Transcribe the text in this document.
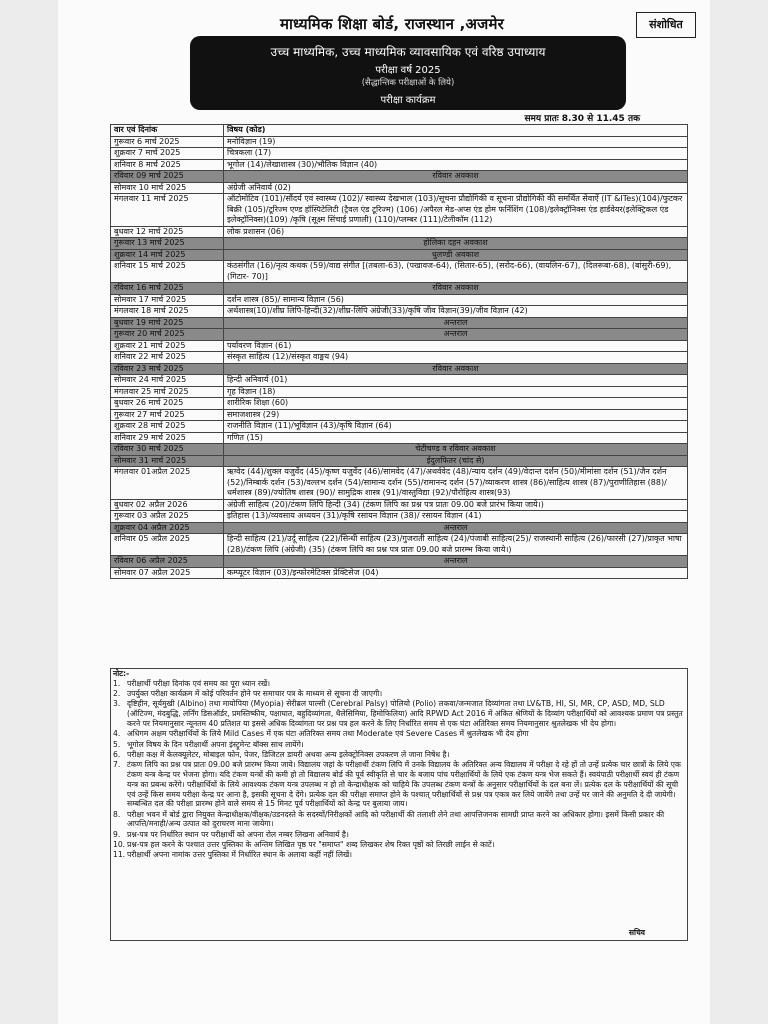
माध्यमिक शिक्षा बोर्ड, राजस्थान ,अजमेर	संशोधित
उच्च माध्यमिक, उच्च माध्यमिक व्यावसायिक एवं वरिष्ठ उपाध्याय
परीक्षा वर्ष 2025
(सैद्धान्तिक परीक्षाओं के लिये)
परीक्षा कार्यक्रम
समय प्रातः 8.30 से 11.45 तक
वार एवं दिनांक	विषय (कोड)
गुरूवार 6 मार्च 2025	मनोविज्ञान (19)
शुक्रवार 7 मार्च 2025	चित्रकला (17)
शनिवार 8 मार्च 2025	भूगोल (14)/लेखाशास्त्र (30)/भौतिक विज्ञान (40)
रविवार 09 मार्च 2025	रविवार अवकाश
सोमवार 10 मार्च 2025	अंग्रेजी अनिवार्य (02)
मंगलवार 11 मार्च 2025	ऑटोमोटिव (101)/सौंदर्य एवं स्वास्थ्य (102)/ स्वास्थ्य देखभाल (103)/सूचना प्रौद्योगिकी व सूचना प्रौद्योगिकी की समर्थित सेवाऐं (IT &ITes)(104)/फुटकर बिक्री (105)/टूरिज्म एण्ड हॉस्पिटेलिटी (ट्रैवल एंड टूरिज्म) (106) /अपैरल मेड-अप्स एंड होम फर्निशिंग (108)/इलेक्ट्रॉनिक्स एंड हार्डवेयर(इलेक्ट्रिकल एंड इलेक्ट्रॉनिक्स)(109) /कृषि (सूक्ष्म सिंचाई प्रणाली) (110)/प्लम्बर (111)/टेलीकॉम (112)
बुधवार 12 मार्च 2025	लोक प्रशासन (06)
गुरूवार 13 मार्च 2025	होलिका दहन अवकाश
शुक्रवार 14 मार्च 2025	धुलण्डी अवकाश
शनिवार 15 मार्च 2025	कंठसंगीत (16)/नृत्य कथक (59)/वाद्य संगीत [(तबला-63), (पखावज-64), (सितार-65), (सरोद-66), (वायलिन-67), (दिलरूबा-68), (बांसुरी-69), (गिटार- 70)]
रविवार 16 मार्च 2025	रविवार अवकाश
सोमवार 17 मार्च 2025	दर्शन शास्त्र (85)/ सामान्य विज्ञान (56)
मंगलवार 18 मार्च 2025	अर्थशास्त्र(10)/शीघ्र लिपि-हिन्दी(32)/शीघ्र-लिपि अंग्रेजी(33)/कृषि जीव विज्ञान(39)/जीव विज्ञान (42)
बुधवार 19 मार्च 2025	अन्तराल
गुरूवार 20 मार्च 2025	अन्तराल
शुक्रवार 21 मार्च 2025	पर्यावरण विज्ञान (61)
शनिवार 22 मार्च 2025	संस्कृत साहित्य (12)/संस्कृत वाङ्मय (94)
रविवार 23 मार्च 2025	रविवार अवकाश
सोमवार 24 मार्च 2025	हिन्दी अनिवार्य (01)
मंगलवार 25 मार्च 2025	गृह विज्ञान (18)
बुधवार 26 मार्च 2025	शारीरिक शिक्षा (60)
गुरूवार 27 मार्च 2025	समाजशास्त्र (29)
शुक्रवार 28 मार्च 2025	राजनीति विज्ञान (11)/भूविज्ञान (43)/कृषि विज्ञान (64)
शनिवार 29 मार्च 2025	गणित (15)
रविवार 30 मार्च 2025	चेटीचण्ड व रविवार अवकाश
सोमवार 31 मार्च 2025	ईदुलफितर (चांद से)
मंगलवार 01अप्रैल 2025	ऋग्वेद (44)/शुक्ल यजुर्वेद (45)/कृष्ण यजुर्वेद (46)/सामवेद (47)/अथर्ववेद (48)/न्याय दर्शन (49)/वेदान्त दर्शन (50)/मीमांसा दर्शन (51)/जैन दर्शन (52)/निम्बार्क दर्शन (53)/वल्लभ दर्शन (54)/सामान्य दर्शन (55)/रामानन्द दर्शन (57)/व्याकरण शास्त्र (86)/साहित्य शास्त्र (87)/पुराणीतिहास (88)/धर्मशास्त्र (89)/ज्योतिष शास्त्र (90)/ सामुद्रिक शास्त्र (91)/वास्तुविद्या (92)/पौरोहित्य शास्त्र(93)
बुधवार 02 अप्रैल 2026	अंग्रेजी साहित्य (20)/टंकण लिपि हिन्दी (34) (टंकण लिपि का प्रश्न पत्र प्रातः 09.00 बजे प्रारंभ किया जाये।)
गुरूवार 03 अप्रैल 2025	इतिहास (13)/व्यवसाय अध्ययन (31)/कृषि रसायन विज्ञान (38)/ रसायन विज्ञान (41)
शुक्रवार 04 अप्रैल 2025	अन्तराल
शनिवार 05 अप्रैल 2025	हिन्दी साहित्य (21)/उर्दू साहित्य (22)/सिन्धी साहित्य (23)/गुजराती साहित्य (24)/पंजाबी साहित्य(25)/ राजस्थानी साहित्य (26)/फारसी (27)/प्राकृत भाषा (28)/टंकण लिपि (अंग्रेजी) (35) (टंकण लिपि का प्रश्न पत्र प्रातः 09.00 बजे प्रारम्भ किया जाये।)
रविवार 06 अप्रैल 2025	अन्तराल
सोमवार 07 अप्रैल 2025	कम्प्यूटर विज्ञान (03)/इन्फोरमेटिक्स प्रेक्टिसेज (04)
नोट:-
1. परीक्षार्थी परीक्षा दिनांक एवं समय का पूरा ध्यान रखें।
2. उपर्युक्त परीक्षा कार्यक्रम में कोई परिवर्तन होने पर समाचार पत्र के माध्यम से सूचना दी जाएगी।
3. दृष्टिहीन, सूर्यमुखी (Albino) तथा मायोपिया (Myopia) सेरीब्रल पाल्सी (Cerebral Palsy) पोलियो (Polio) लकवा/जन्मजात दिव्यांगता तथा LV&TB, HI, SI, MR, CP, ASD, MD, SLD (ऑटिज्म, मंदबुद्धि, लर्निंग डिसऑर्डर, प्रमस्तिष्कीय, पक्षाघात, बहुदिव्यांगता, थैलेसिमिया, हिमोफिलिया) आदि RPWD Act 2016 में अंकित श्रेणियों के दिव्यांग परीक्षार्थियों को आवश्यक प्रमाण पत्र प्रस्तुत करने पर नियमानुसार न्यूनतम 40 प्रतिशत या इससे अधिक दिव्यांगता पर प्रश्न पत्र हल करने के लिए निर्धारित समय से एक घंटा अतिरिक्त समय नियमानुसार श्रुतलेखक भी देय होगा।
4. अधिगम अक्षम परीक्षार्थियों के लिये Mild Cases में एक घंटा अतिरिक्त समय तथा Moderate एवं Severe Cases में श्रुतलेखक भी देय होगा
5. भूगोल विषय के दिन परीक्षार्थी अपना इंस्ट्रूमेन्ट बॉक्स साथ लायेंगे।
6. परीक्षा कक्ष में केलक्यूलेटर, मोबाइल फोन, पेजर, डिजिटल डायरी अथवा अन्य इलेक्ट्रोनिक्स उपकरण ले जाना निषेध है।
7. टंकण लिपि का प्रश्न पत्र प्रातः 09.00 बजे प्रारम्भ किया जाये। विद्यालय जहां के परीक्षार्थी टंकण लिपि में उनके विद्यालय के अतिरिक्त अन्य विद्यालय में परीक्षा दे रहे हों तो उन्हें प्रत्येक चार छात्रों के लिये एक टंकण यन्त्र केन्द्र पर भेजना होगा। यदि टंकण यन्त्रों की कमी हो तो विद्यालय बोर्ड की पूर्व स्वीकृति से चार के बजाय पांच परीक्षार्थियों के लिये एक टंकण यन्त्र भेज सकते हैं। स्वयंपाठी परीक्षार्थी स्वयं ही टंकण यन्त्र का प्रबन्ध करेंगे। परीक्षार्थियों के लिये आवश्यक टंकण यन्त्र उपलब्ध न हो तो केन्द्राधीक्षक को चाहिये कि उपलब्ध टंकण यन्त्रों के अनुसार परीक्षार्थियों के दल बना लें। प्रत्येक दल के परीक्षार्थियों की सूची एवं उन्हें किस समय परीक्षा केन्द्र पर आना है, इसकी सूचना दे देंगे। प्रत्येक दल की परीक्षा समाप्त होने के पश्चात् परीक्षार्थियों से प्रश्न पत्र एकत्र कर लिये जायेंगे तथा उन्हें घर जाने की अनुमति दे दी जायेगी। सम्बन्धित दल की परीक्षा प्रारम्भ होने वाले समय से 15 मिनट पूर्व परीक्षार्थियों को केन्द्र पर बुलाया जाय।
8. परीक्षा भवन में बोर्ड द्वारा नियुक्त केन्द्राधीक्षक/वीक्षक/उडनदस्ते के सदस्यों/निरीक्षकों आदि को परीक्षार्थी की तलाशी लेने तथा आपत्तिजनक सामग्री प्राप्त करने का अधिकार होगा। इसमें किसी प्रकार की आपत्ति/मनाही/अन्य उत्पात को दुराचरण माना जायेगा।
9. प्रश्न-पत्र पर निर्धारित स्थान पर परीक्षार्थी को अपना रोल नम्बर लिखना अनिवार्य है।
10. प्रश्न-पत्र हल करने के पश्चात उत्तर पुस्तिका के अन्तिम लिखित पृष्ठ पर "समाप्त" शब्द लिखकर शेष रिक्त पृष्ठों को तिरछी लाईन से काटें।
11. परीक्षार्थी अपना नामांक उत्तर पुस्तिका में निर्धारित स्थान के अलावा कहीं नहीं लिखें।
सचिव
